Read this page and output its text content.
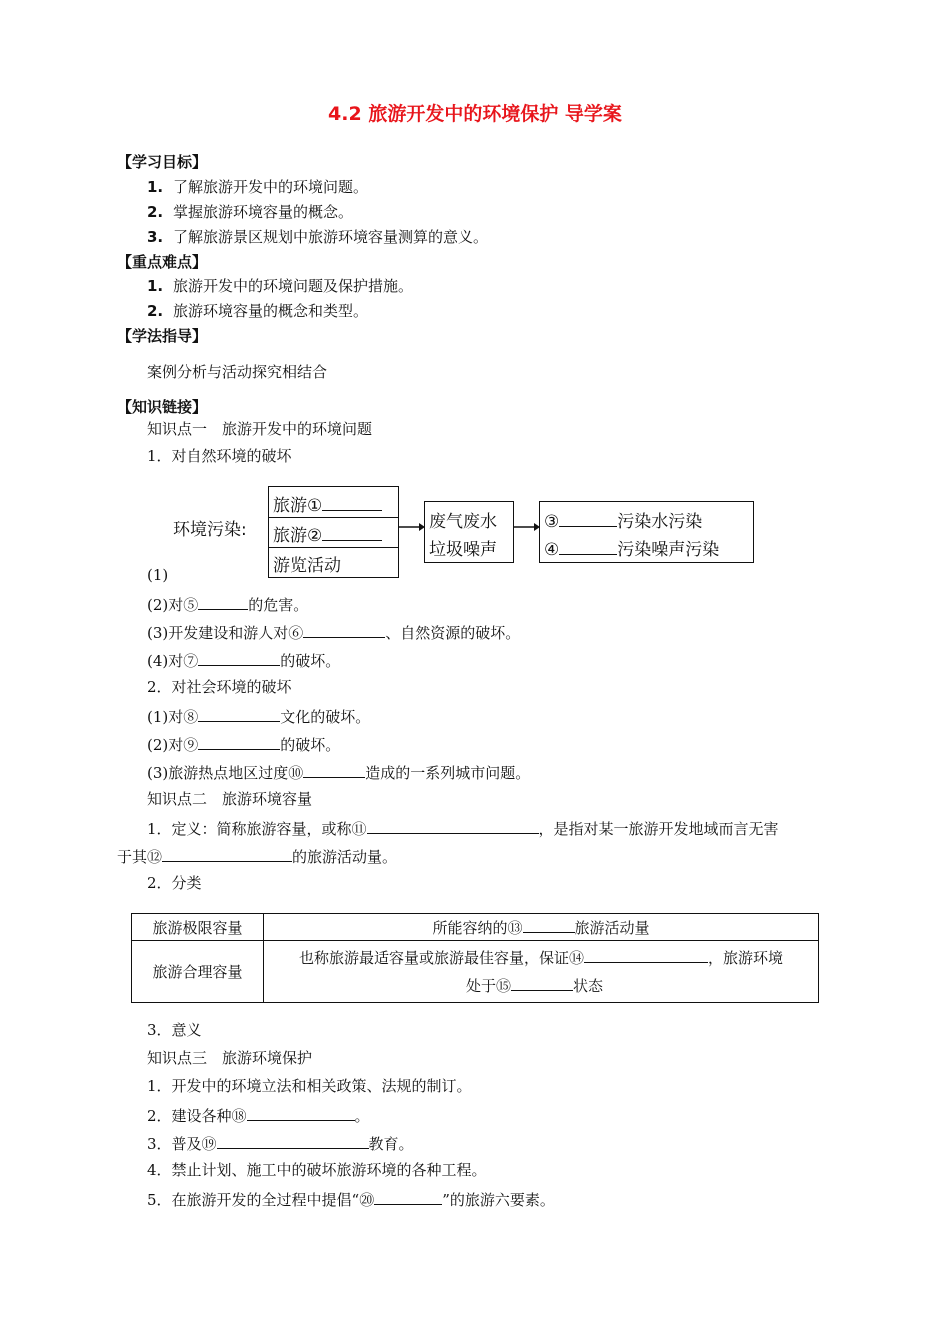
4.2 旅游开发中的环境保护 导学案
【学习目标】
1. 了解旅游开发中的环境问题。
2. 掌握旅游环境容量的概念。
3. 了解旅游景区规划中旅游环境容量测算的意义。
【重点难点】
1. 旅游开发中的环境问题及保护措施。
2. 旅游环境容量的概念和类型。
【学法指导】
案例分析与活动探究相结合
【知识链接】
知识点一　旅游开发中的环境问题
1．对自然环境的破坏
环境污染:
旅游①
旅游②
游览活动
废气废水
垃圾噪声
③	污染水污染
④	污染噪声污染
(1)
(2)对⑤	的危害。
(3)开发建设和游人对⑥	、自然资源的破坏。
(4)对⑦	的破坏。
2．对社会环境的破坏
(1)对⑧	文化的破坏。
(2)对⑨	的破坏。
(3)旅游热点地区过度⑩	造成的一系列城市问题。
知识点二　旅游环境容量
1．定义：简称旅游容量，或称⑪	，是指对某一旅游开发地域而言无害
于其⑫	的旅游活动量。
2．分类
旅游极限容量	所能容纳的⑬ 旅游活动量
旅游合理容量	也称旅游最适容量或旅游最佳容量，保证⑭ ，旅游环境
处于⑮ 状态
3．意义
知识点三　旅游环境保护
1．开发中的环境立法和相关政策、法规的制订。
2．建设各种⑱	。
3．普及⑲	教育。
4．禁止计划、施工中的破坏旅游环境的各种工程。
5．在旅游开发的全过程中提倡“⑳	”的旅游六要素。
